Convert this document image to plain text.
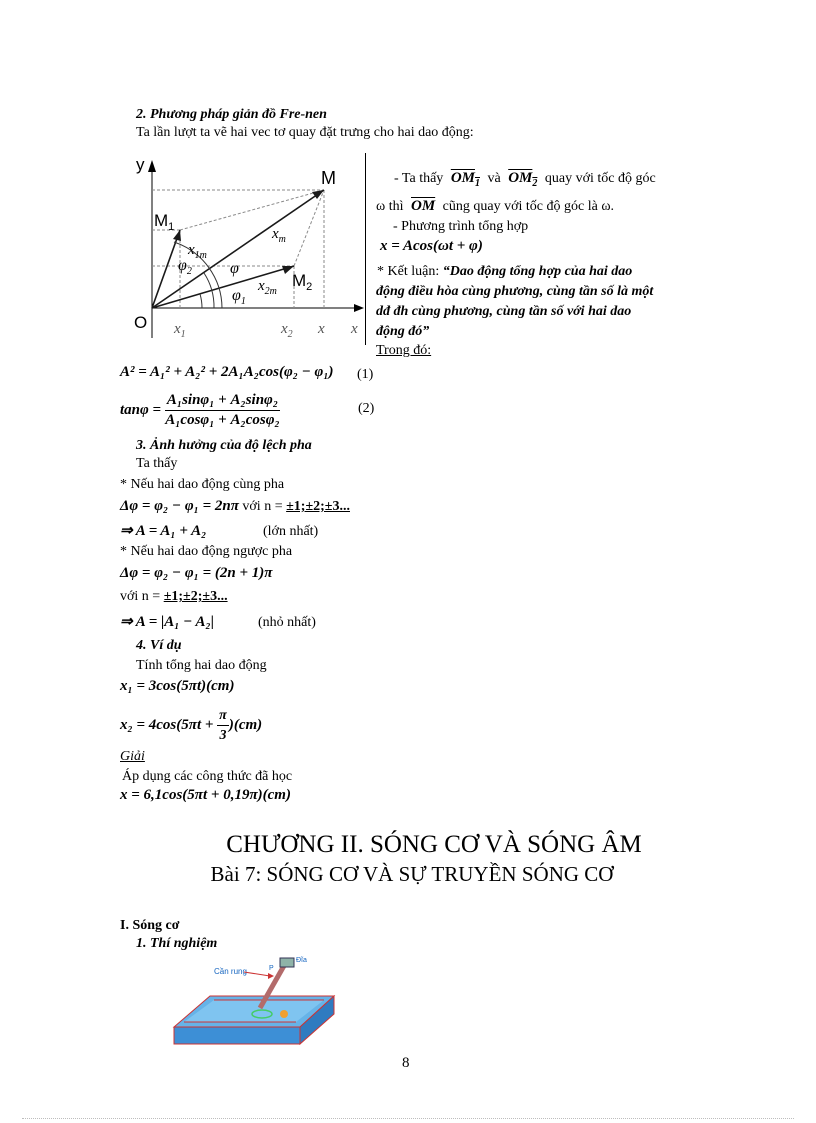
2. Phương pháp giản đồ Fre-nen
Ta lần lượt ta vẽ hai vec tơ quay đặt trưng cho hai dao động:
y
O
M
$M_1$
$M_2$
$x_{1m}$
$x_m$
$x_{2m}$
φ
$\varphi_1$
$\varphi_2$
$x_1$	$x_2$ x x
- Ta thấy $OM_1$ và $OM_2$ quay với tốc độ góc
ω thì $\overline{OM}$ cũng quay với tốc độ góc là ω.
- Phương trình tổng hợp
x = Acos(ωt + φ)
* Kết luận: “Dao động tổng hợp của hai dao
động điều hòa cùng phương, cùng tần số là một
dđ đh cùng phương, cùng tần số với hai dao
động đó”
Trong đó:
A² = A₁² + A₂² + 2A₁A₂cos(φ₂ − φ₁) (1)
$\tan\varphi = \frac{\text{A₁sinφ₁ + A₂sinφ₂}}{\text{A₁cosφ₁ + A₂cosφ₂}}$	(2)
3. Ảnh hưởng của độ lệch pha
Ta thấy
* Nếu hai dao động cùng pha
Δφ = φ₂ − φ₁ = 2nπ với n = ±1;±2;±3...
⇒ A = A₁ + A₂	(lớn nhất)
* Nếu hai dao động ngược pha
Δφ = φ₂ − φ₁ = (2n + 1)π
với n = ±1;±2;±3...
⇒ A = |A₁ − A₂|	(nhỏ nhất)
4. Ví dụ
Tính tổng hai dao động
x₁ = 3cos(5πt)(cm)
$x_2 = 4\cos(5\pi t + \frac{\pi}{3} )(cm)$
Giải
Áp dụng các công thức đã học
x = 6,1cos(5πt + 0,19π)(cm)
CHƯƠNG II. SÓNG CƠ VÀ SÓNG ÂM
Bài 7: SÓNG CƠ VÀ SỰ TRUYỀN SÓNG CƠ
I. Sóng cơ
1. Thí nghiệm
Cần rung
Đĩa
P
8
